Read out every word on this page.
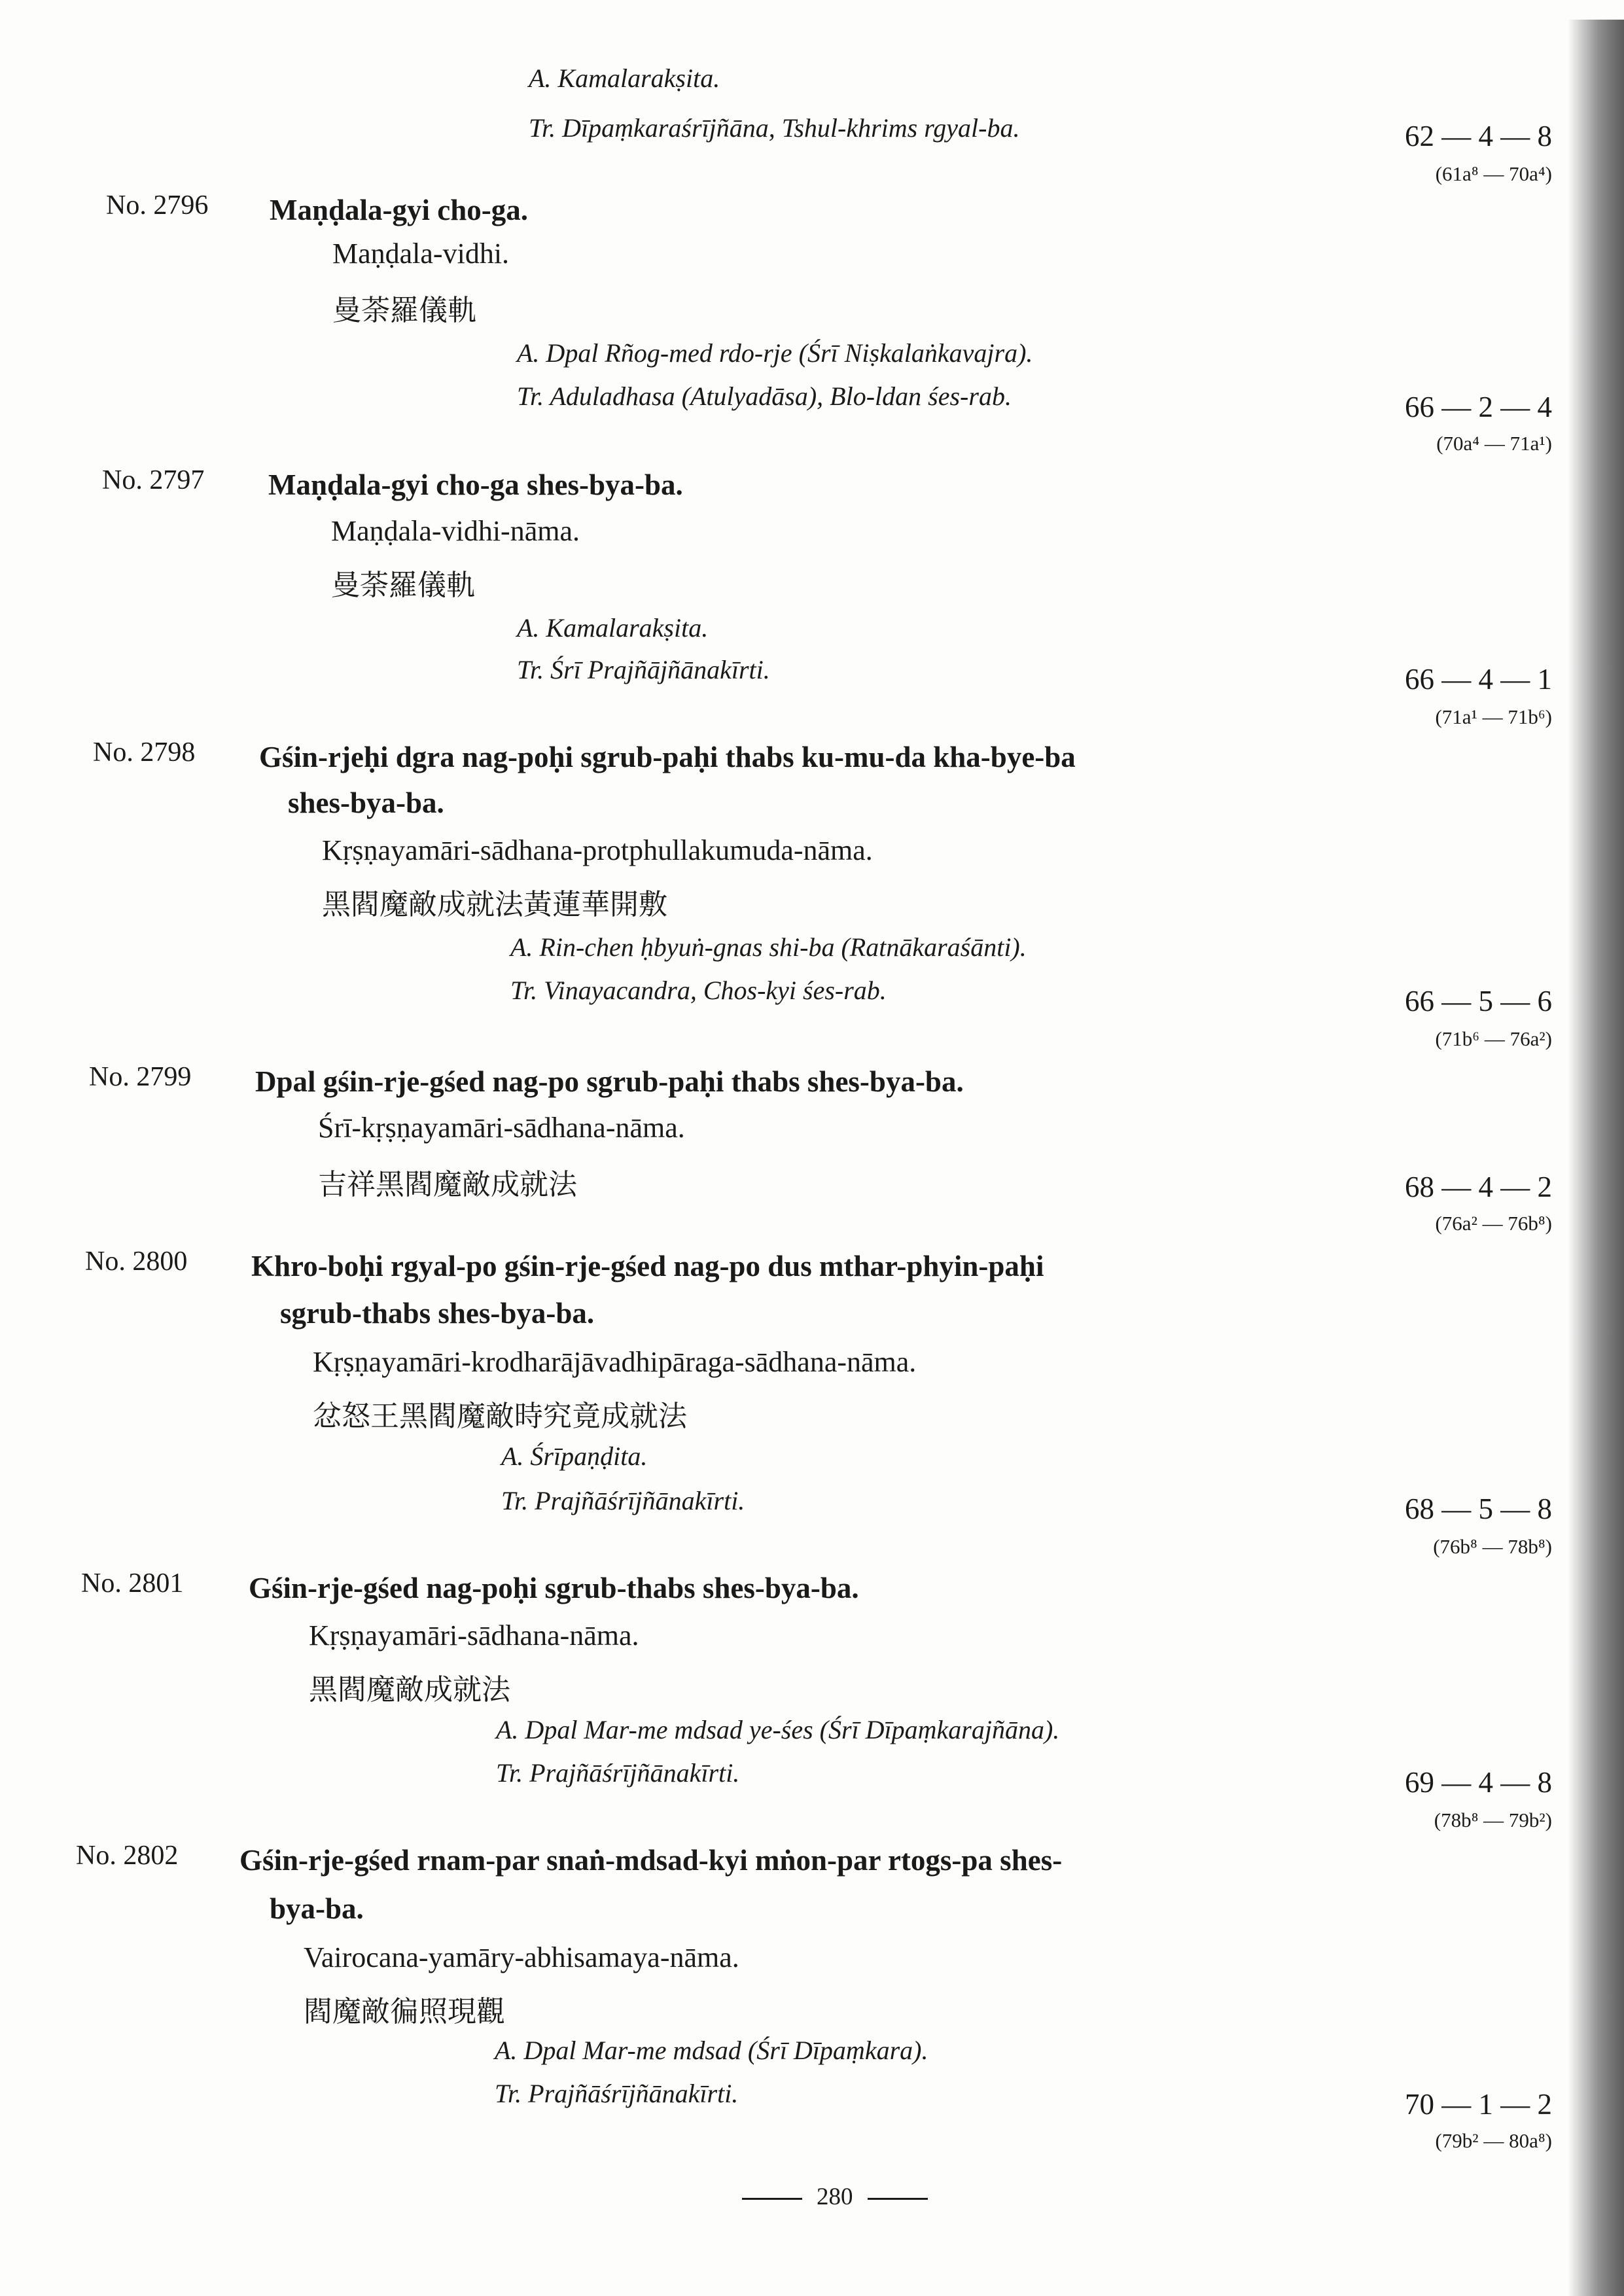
A. Kamalarakṣita.
Tr. Dīpaṃkaraśrījñāna, Tshul-khrims rgyal-ba.	62 — 4 — 8
(61a⁸ — 70a⁴)
No. 2796 Maṇḍala-gyi cho-ga.
Maṇḍala-vidhi.
曼荼羅儀軌
A. Dpal Rñog-med rdo-rje (Śrī Niṣkalaṅkavajra).
Tr. Aduladhasa (Atulyadāsa), Blo-ldan śes-rab.	66 — 2 — 4
(70a⁴ — 71a¹)
No. 2797 Maṇḍala-gyi cho-ga shes-bya-ba.
Maṇḍala-vidhi-nāma.
曼荼羅儀軌
A. Kamalarakṣita.
Tr. Śrī Prajñājñānakīrti.	66 — 4 — 1
(71a¹ — 71b⁶)
No. 2798 Gśin-rjeḥi dgra nag-poḥi sgrub-paḥi thabs ku-mu-da kha-bye-ba
shes-bya-ba.
Kṛṣṇayamāri-sādhana-protphullakumuda-nāma.
黑閻魔敵成就法黃蓮華開敷
A. Rin-chen ḥbyuṅ-gnas shi-ba (Ratnākaraśānti).
Tr. Vinayacandra, Chos-kyi śes-rab.	66 — 5 — 6
(71b⁶ — 76a²)
No. 2799 Dpal gśin-rje-gśed nag-po sgrub-paḥi thabs shes-bya-ba.
Śrī-kṛṣṇayamāri-sādhana-nāma.
吉祥黑閻魔敵成就法	68 — 4 — 2
(76a² — 76b⁸)
No. 2800 Khro-boḥi rgyal-po gśin-rje-gśed nag-po dus mthar-phyin-paḥi
sgrub-thabs shes-bya-ba.
Kṛṣṇayamāri-krodharājāvadhipāraga-sādhana-nāma.
忿怒王黑閻魔敵時究竟成就法
A. Śrīpaṇḍita.
Tr. Prajñāśrījñānakīrti.	68 — 5 — 8
(76b⁸ — 78b⁸)
No. 2801 Gśin-rje-gśed nag-poḥi sgrub-thabs shes-bya-ba.
Kṛṣṇayamāri-sādhana-nāma.
黑閻魔敵成就法
A. Dpal Mar-me mdsad ye-śes (Śrī Dīpaṃkarajñāna).
Tr. Prajñāśrījñānakīrti.	69 — 4 — 8
(78b⁸ — 79b²)
No. 2802 Gśin-rje-gśed rnam-par snaṅ-mdsad-kyi mṅon-par rtogs-pa shes-
bya-ba.
Vairocana-yamāry-abhisamaya-nāma.
閻魔敵徧照現觀
A. Dpal Mar-me mdsad (Śrī Dīpaṃkara).
Tr. Prajñāśrījñānakīrti.	70 — 1 — 2
(79b² — 80a⁸)
280
